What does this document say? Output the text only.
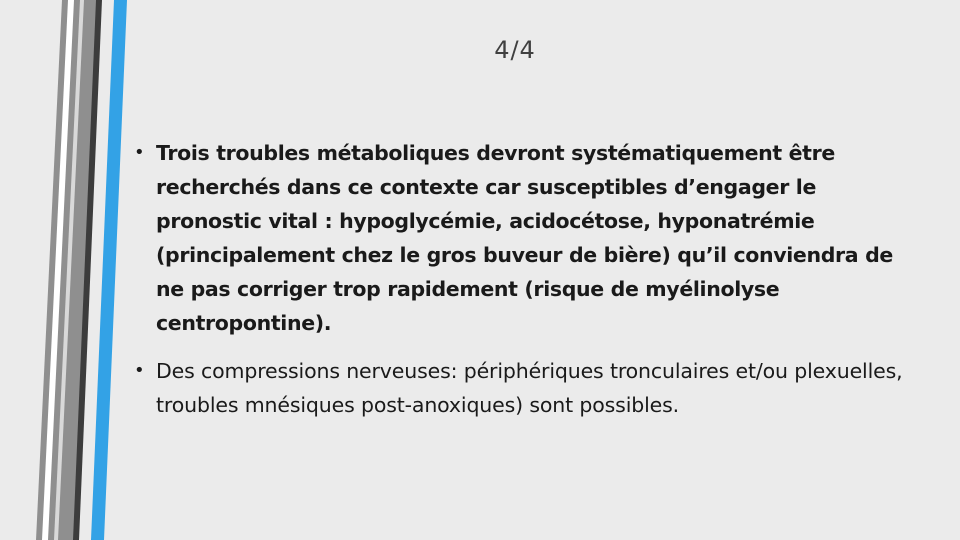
4/4
• Trois troubles métaboliques devront systématiquement être recherchés dans ce contexte car susceptibles d’engager le pronostic vital : hypoglycémie, acidocétose, hyponatrémie (principalement chez le gros buveur de bière) qu’il conviendra de ne pas corriger trop rapidement (risque de myélinolyse centropontine).
• Des compressions nerveuses: périphériques tronculaires et/ou plexuelles, troubles mnésiques post-anoxiques) sont possibles.
